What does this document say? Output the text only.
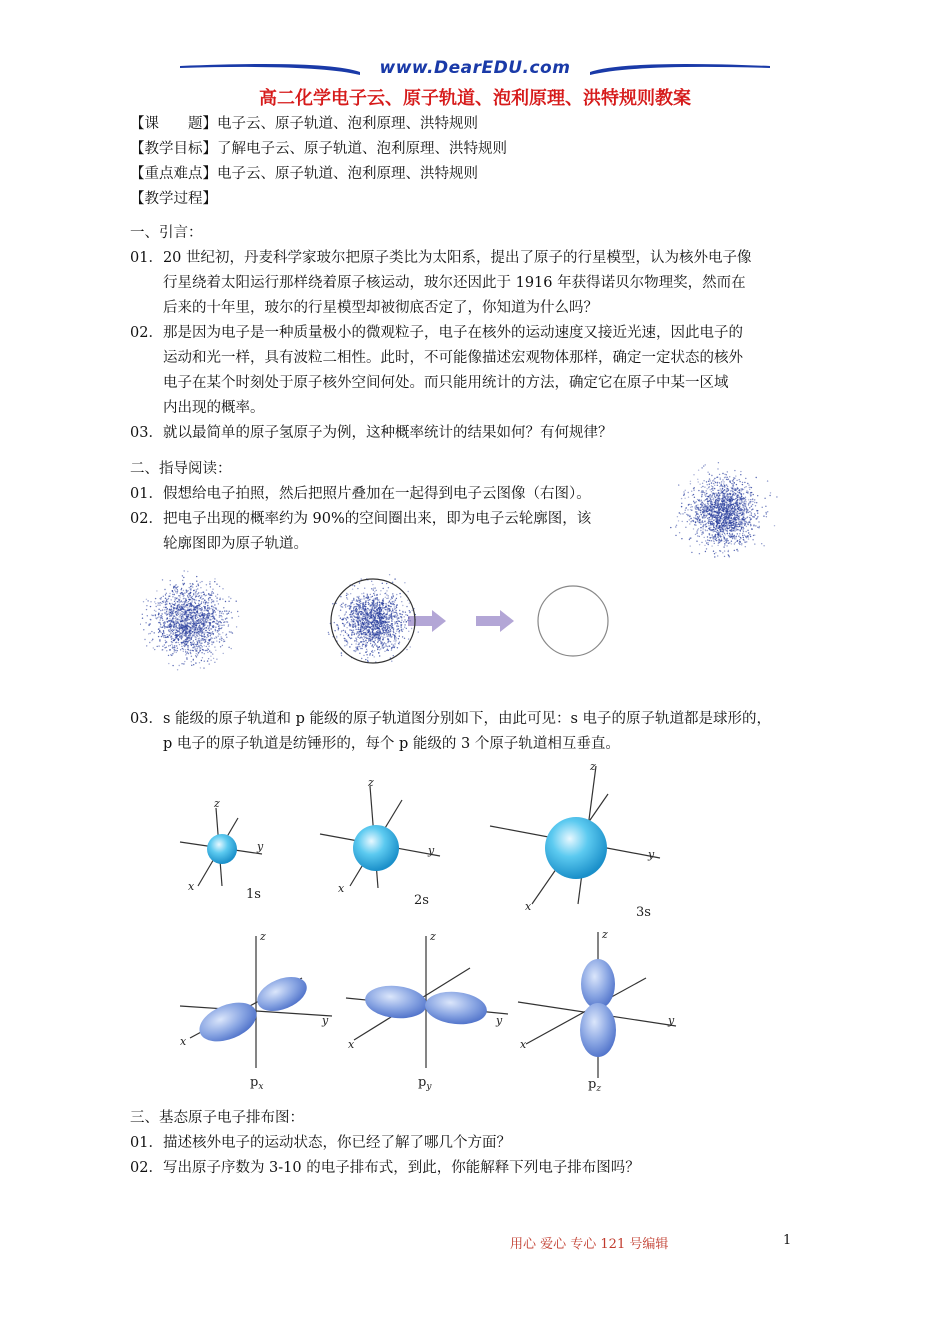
www.DearEDU.com
高二化学电子云、原子轨道、泡利原理、洪特规则教案
【课　　题】电子云、原子轨道、泡利原理、洪特规则
【教学目标】了解电子云、原子轨道、泡利原理、洪特规则
【重点难点】电子云、原子轨道、泡利原理、洪特规则
【教学过程】
一、引言：
01．20 世纪初，丹麦科学家玻尔把原子类比为太阳系，提出了原子的行星模型，认为核外电子像
行星绕着太阳运行那样绕着原子核运动，玻尔还因此于 1916 年获得诺贝尔物理奖，然而在
后来的十年里，玻尔的行星模型却被彻底否定了，你知道为什么吗？
02．那是因为电子是一种质量极小的微观粒子，电子在核外的运动速度又接近光速，因此电子的
运动和光一样，具有波粒二相性。此时，不可能像描述宏观物体那样，确定一定状态的核外
电子在某个时刻处于原子核外空间何处。而只能用统计的方法，确定它在原子中某一区域
内出现的概率。
03．就以最简单的原子氢原子为例，这种概率统计的结果如何？有何规律？
二、指导阅读：
01．假想给电子拍照，然后把照片叠加在一起得到电子云图像（右图）。
02．把电子出现的概率约为 90%的空间圈出来，即为电子云轮廓图，该
轮廓图即为原子轨道。
03．s 能级的原子轨道和 p 能级的原子轨道图分别如下，由此可见：s 电子的原子轨道都是球形的，
p 电子的原子轨道是纺锤形的，每个 p 能级的 3 个原子轨道相互垂直。
z
y
x
1s
z
y
x
2s
z
y
x	3s
z
y
x
$p_x$
z
y
x
$p_y$
z
y
x
$p_z$
三、基态原子电子排布图：
01．描述核外电子的运动状态，你已经了解了哪几个方面？
02．写出原子序数为 3-10 的电子排布式，到此，你能解释下列电子排布图吗？
用心 爱心 专心 121 号编辑	1
